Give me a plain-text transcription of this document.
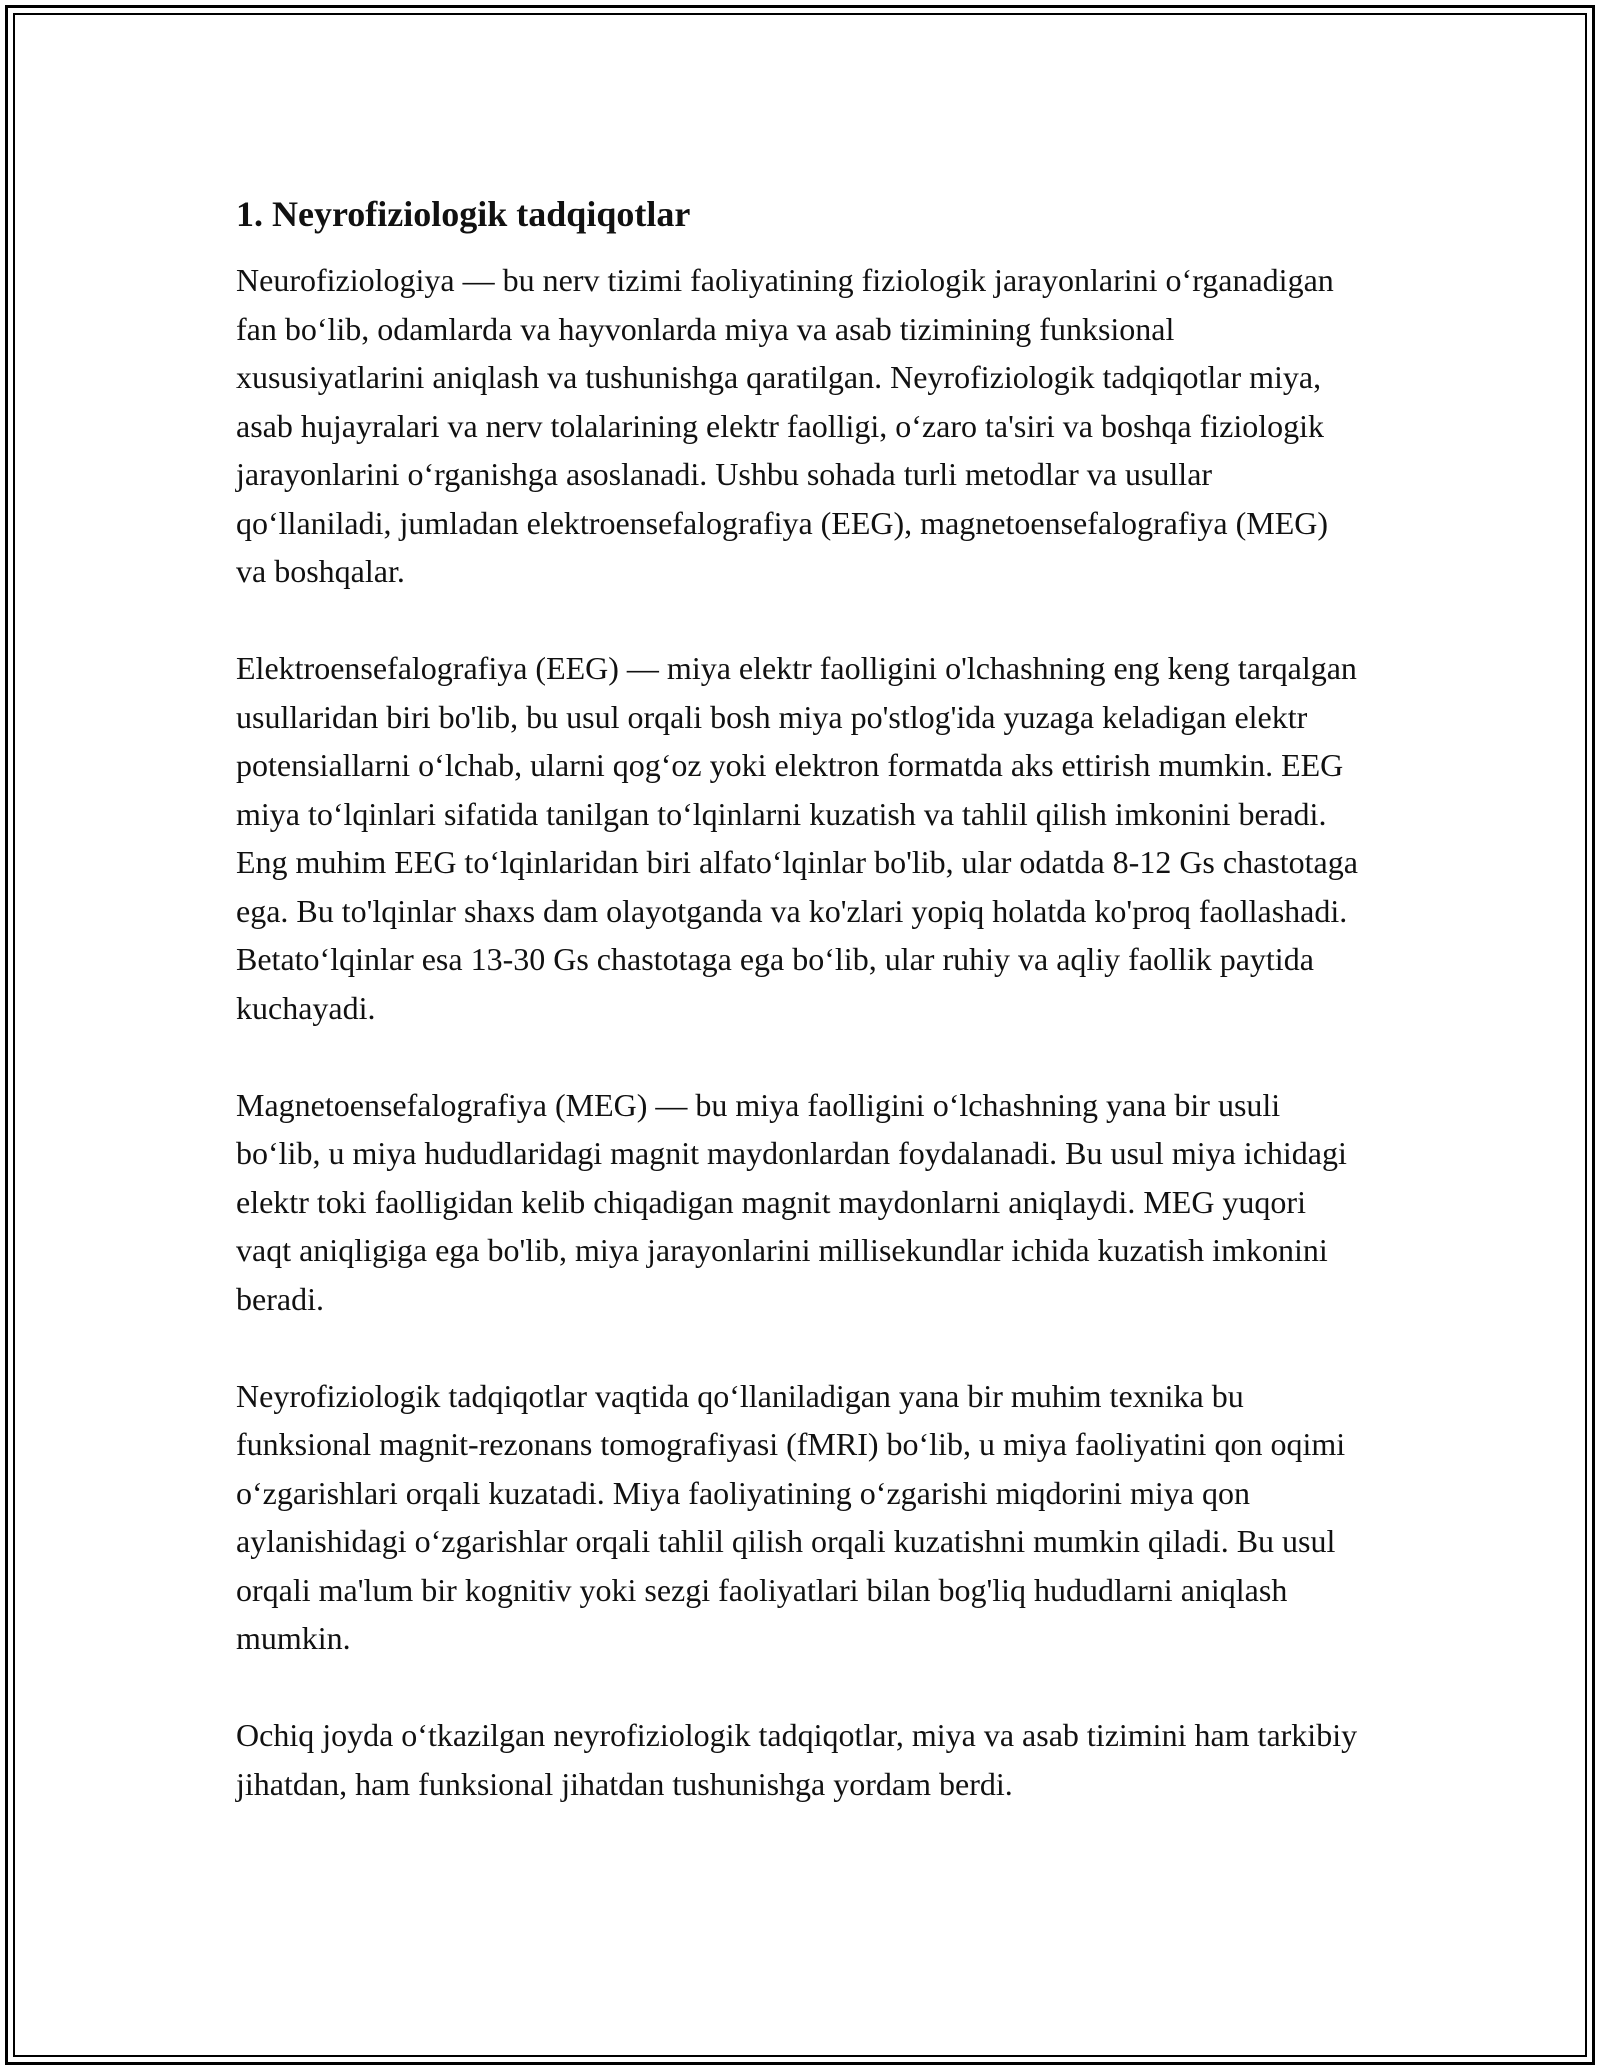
1. Neyrofiziologik tadqiqotlar

Neurofiziologiya — bu nerv tizimi faoliyatining fiziologik jarayonlarini o‘rganadigan fan bo‘lib, odamlarda va hayvonlarda miya va asab tizimining funksional xususiyatlarini aniqlash va tushunishga qaratilgan. Neyrofiziologik tadqiqotlar miya, asab hujayralari va nerv tolalarining elektr faolligi, o‘zaro ta'siri va boshqa fiziologik jarayonlarini o‘rganishga asoslanadi. Ushbu sohada turli metodlar va usullar qo‘llaniladi, jumladan elektroensefalografiya (EEG), magnetoensefalografiya (MEG) va boshqalar.

Elektroensefalografiya (EEG) — miya elektr faolligini o'lchashning eng keng tarqalgan usullaridan biri bo'lib, bu usul orqali bosh miya po'stlog'ida yuzaga keladigan elektr potensiallarni o‘lchab, ularni qog‘oz yoki elektron formatda aks ettirish mumkin. EEG miya to‘lqinlari sifatida tanilgan to‘lqinlarni kuzatish va tahlil qilish imkonini beradi. Eng muhim EEG to‘lqinlaridan biri alfato‘lqinlar bo'lib, ular odatda 8-12 Gs chastotaga ega. Bu to'lqinlar shaxs dam olayotganda va ko'zlari yopiq holatda ko'proq faollashadi. Betato‘lqinlar esa 13-30 Gs chastotaga ega bo‘lib, ular ruhiy va aqliy faollik paytida kuchayadi.

Magnetoensefalografiya (MEG) — bu miya faolligini o‘lchashning yana bir usuli bo‘lib, u miya hududlaridagi magnit maydonlardan foydalanadi. Bu usul miya ichidagi elektr toki faolligidan kelib chiqadigan magnit maydonlarni aniqlaydi. MEG yuqori vaqt aniqligiga ega bo'lib, miya jarayonlarini millisekundlar ichida kuzatish imkonini beradi.

Neyrofiziologik tadqiqotlar vaqtida qo‘llaniladigan yana bir muhim texnika bu funksional magnit-rezonans tomografiyasi (fMRI) bo‘lib, u miya faoliyatini qon oqimi o‘zgarishlari orqali kuzatadi. Miya faoliyatining o‘zgarishi miqdorini miya qon aylanishidagi o‘zgarishlar orqali tahlil qilish orqali kuzatishni mumkin qiladi. Bu usul orqali ma'lum bir kognitiv yoki sezgi faoliyatlari bilan bog'liq hududlarni aniqlash mumkin.

Ochiq joyda o‘tkazilgan neyrofiziologik tadqiqotlar, miya va asab tizimini ham tarkibiy jihatdan, ham funksional jihatdan tushunishga yordam berdi.
